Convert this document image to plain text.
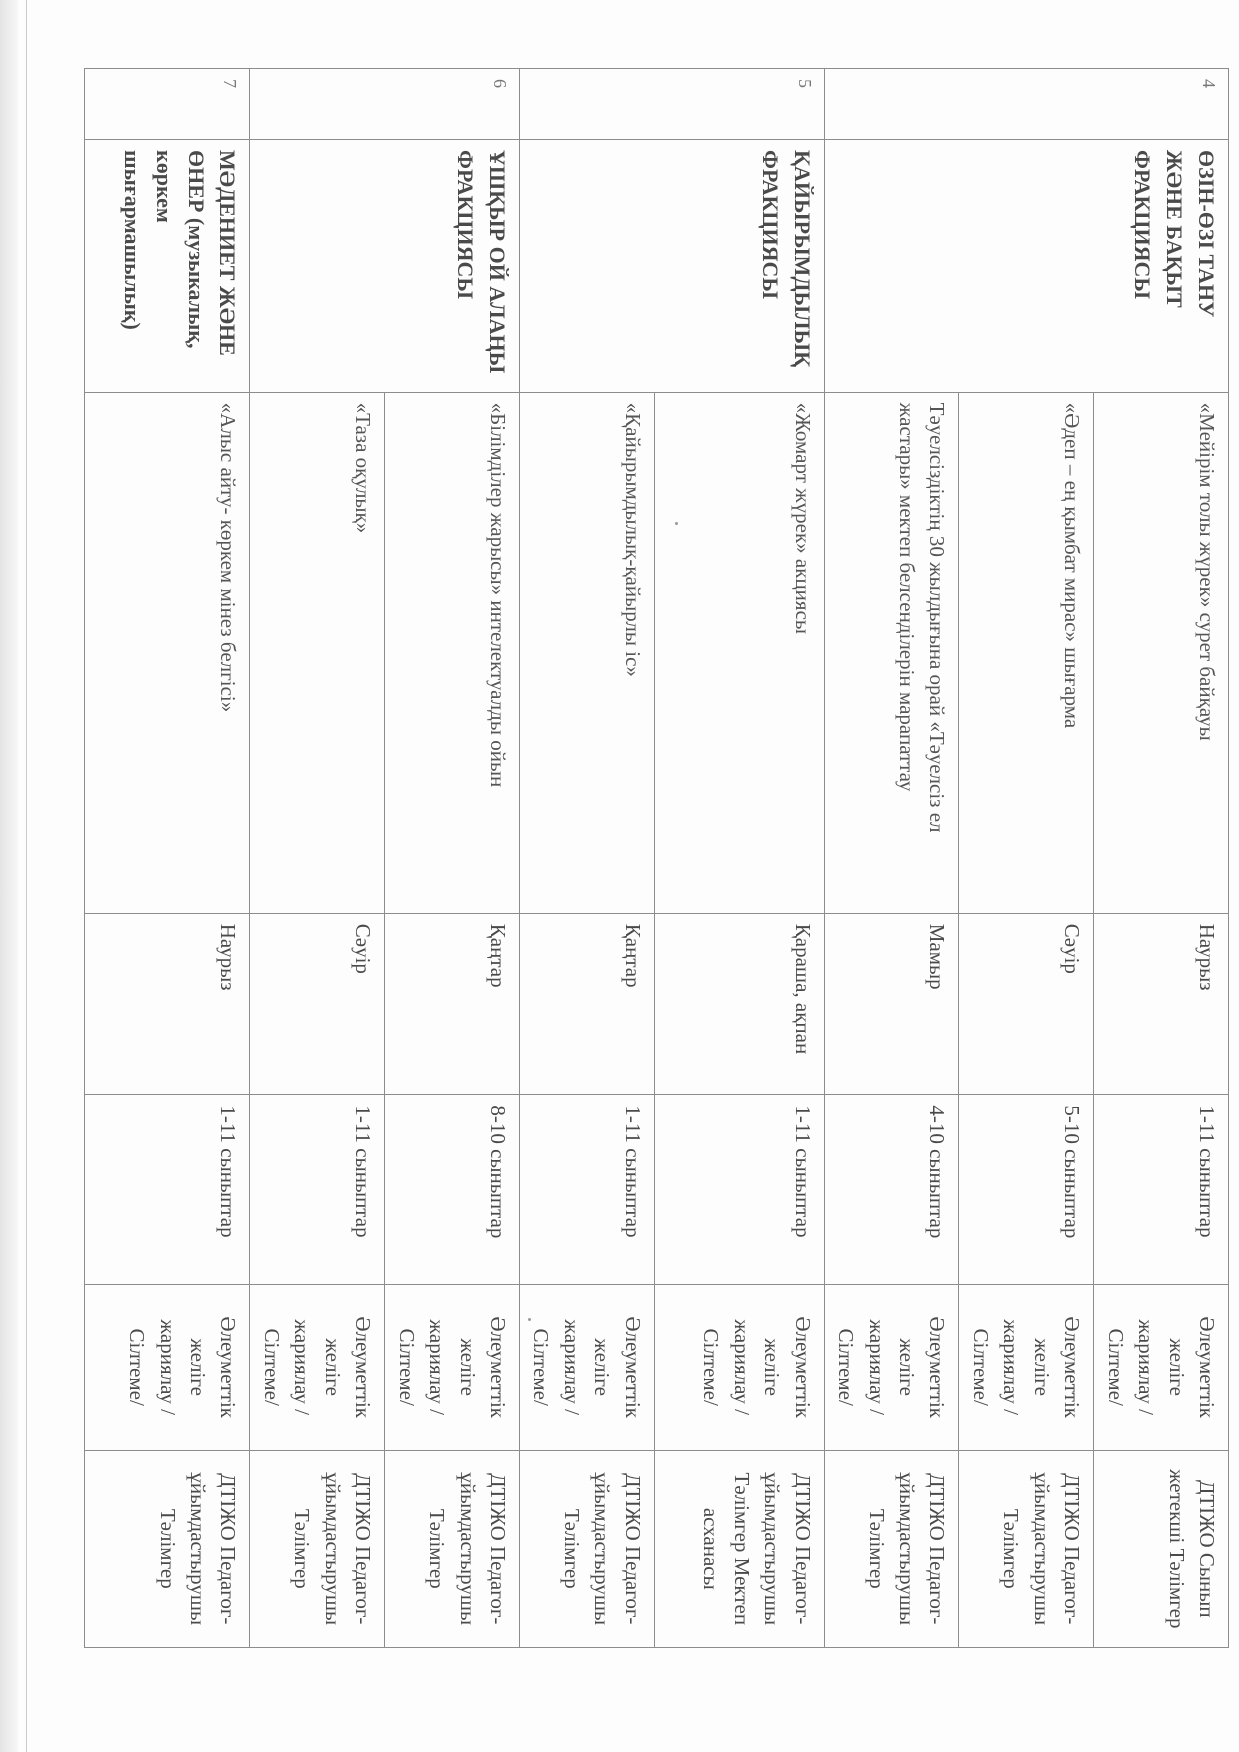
4	ӨЗІН-ӨЗІ ТАНУ ЖӘНЕ БАҚЫТ ФРАКЦИЯСЫ	«Мейірім толы жүрек» сурет байқауы	Наурыз	1-11 сыныптар	Әлеуметтік желіге жариялау /Сілтеме/	ДТІЖО Сынып жетекші Тәлімгер
		«Әдеп – ең қымбат мирас» шығарма	Сәуір	5-10 сыныптар	Әлеуметтік желіге жариялау /Сілтеме/	ДТІЖО Педагог-ұйымдастырушы Тәлімгер
		Тәуелсіздіктің 30 жылдығына орай «Тәуелсіз ел жастары» мектеп белсенділерін марапаттау	Мамыр	4-10 сыныптар	Әлеуметтік желіге жариялау /Сілтеме/	ДТІЖО Педагог-ұйымдастырушы Тәлімгер
5	ҚАЙЫРЫМДЫЛЫҚ ФРАКЦИЯСЫ	«Жомарт жүрек» акциясы	Қараша, ақпан	1-11 сыныптар	Әлеуметтік желіге жариялау /Сілтеме/	ДТІЖО Педагог-ұйымдастырушы Тәлімгер Мектеп асханасы
		«Қайырымдылық-қайырлы іс»	Қаңтар	1-11 сыныптар	Әлеуметтік желіге жариялау /Сілтеме/	ДТІЖО Педагог-ұйымдастырушы Тәлімгер
6	ҰШҚЫР ОЙ АЛАҢЫ ФРАКЦИЯСЫ	«Білімділер жарысы» интелектуалды ойын	Қаңтар	8-10 сыныптар	Әлеуметтік желіге жариялау /Сілтеме/	ДТІЖО Педагог-ұйымдастырушы Тәлімгер
		«Таза оқулық»	Сәуір	1-11 сыныптар	Әлеуметтік желіге жариялау /Сілтеме/	ДТІЖО Педагог-ұйымдастырушы Тәлімгер
7	МӘДЕНИЕТ ЖӘНЕ ӨНЕР (музыкалық, көркем шығармашылық)	«Алыс айту- көркем мінез белгісі»	Наурыз	1-11 сыныптар	Әлеуметтік желіге жариялау /Сілтеме/	ДТІЖО Педагог-ұйымдастырушы Тәлімгер
